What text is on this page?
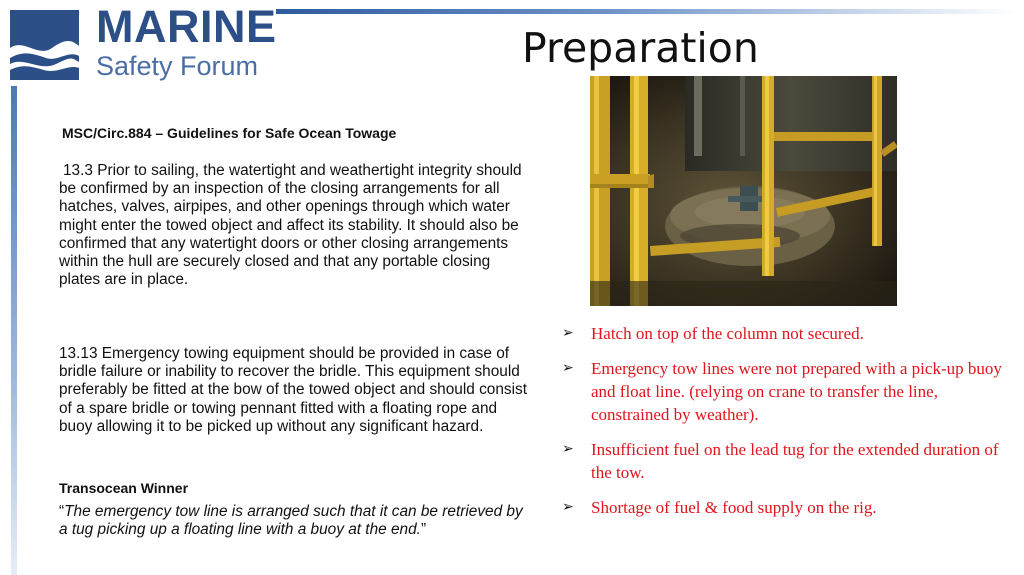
MARINE
Safety Forum	Preparation
MSC/Circ.884 – Guidelines for Safe Ocean Towage
13.3 Prior to sailing, the watertight and weathertight integrity should be confirmed by an inspection of the closing arrangements for all hatches, valves, airpipes, and other openings through which water might enter the towed object and affect its stability. It should also be confirmed that any watertight doors or other closing arrangements within the hull are securely closed and that any portable closing plates are in place.
13.13 Emergency towing equipment should be provided in case of bridle failure or inability to recover the bridle. This equipment should preferably be fitted at the bow of the towed object and should consist of a spare bridle or towing pennant fitted with a floating rope and buoy allowing it to be picked up without any significant hazard.
Transocean Winner
“The emergency tow line is arranged such that it can be retrieved by a tug picking up a floating line with a buoy at the end.”
➢ Hatch on top of the column not secured.
➢ Emergency tow lines were not prepared with a pick-up buoy and float line. (relying on crane to transfer the line, constrained by weather).
➢ Insufficient fuel on the lead tug for the extended duration of the tow.
➢ Shortage of fuel & food supply on the rig.
